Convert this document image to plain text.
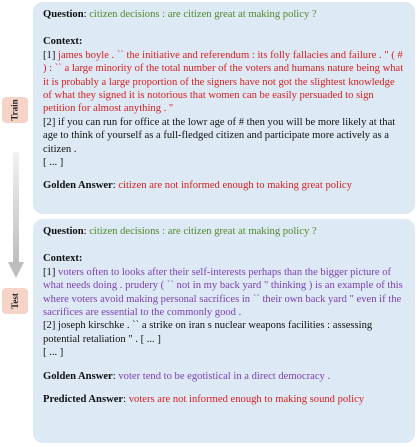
Train
Test

Question: citizen decisions : are citizen great at making policy ?

Context:

[1] james boyle . `` the initiative and referendum : its folly fallacies and failure . " ( # ) : `` a large minority of the total number of the voters and humans nature being what it is probably a large proportion of the signers have not got the slightest knowledge of what they signed it is notorious that women can be easily persuaded to sign petition for almost anything . "

[2] if you can run for office at the lowr age of # then you will be more likely at that age to think of yourself as a full-fledged citizen and participate more actively as a citizen .

[ ... ]

Golden Answer: citizen are not informed enough to making great policy

Question: citizen decisions : are citizen great at making policy ?

Context:

[1] voters often to looks after their self-interests perhaps than the bigger picture of what needs doing . prudery ( `` not in my back yard " thinking ) is an example of this where voters avoid making personal sacrifices in `` their own back yard " even if the sacrifices are essential to the commonly good .

[2] joseph kirschke . `` a strike on iran s nuclear weapons facilities : assessing potential retaliation " . [ ... ]

[ ... ]

Golden Answer: voter tend to be egotistical in a direct democracy .

Predicted Answer: voters are not informed enough to making sound policy
